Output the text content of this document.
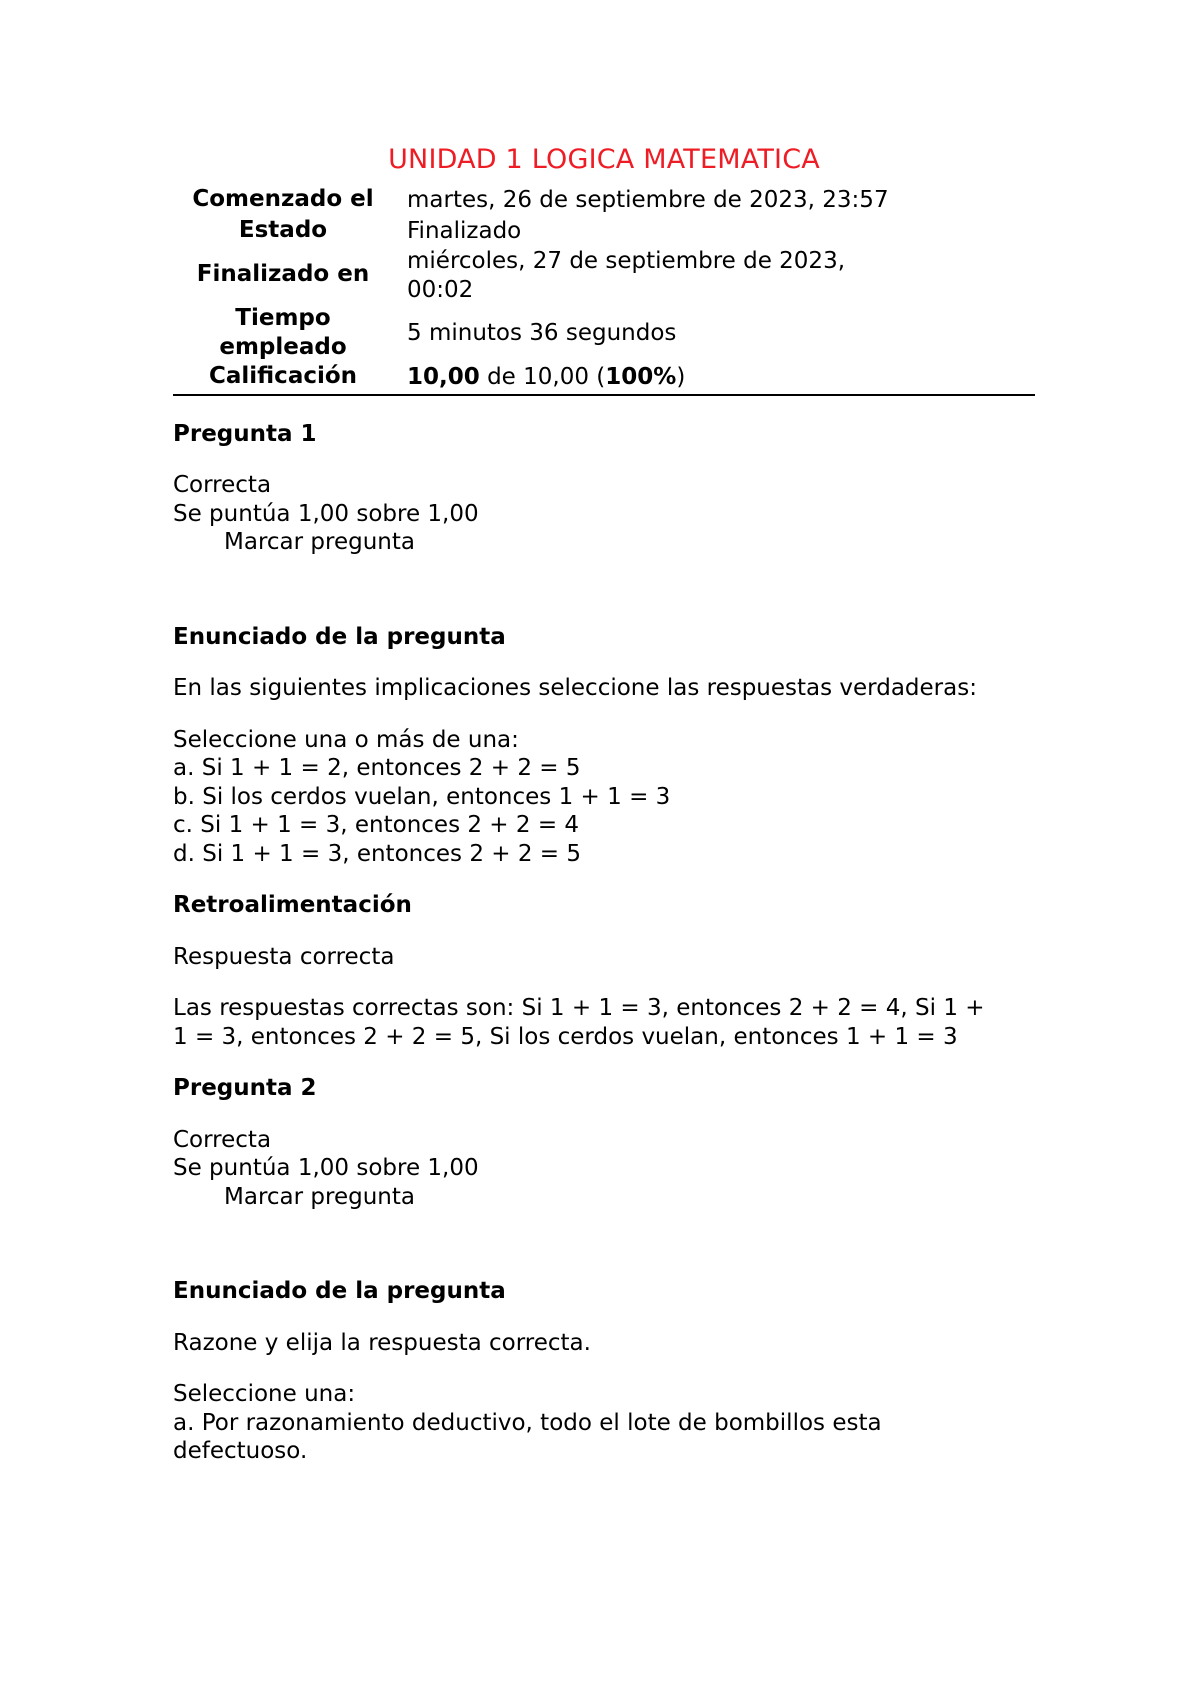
UNIDAD 1 LOGICA MATEMATICA
Comenzado el	martes, 26 de septiembre de 2023, 23:57
Estado	Finalizado
Finalizado en	miércoles, 27 de septiembre de 2023,
00:02
Tiempo
empleado	5 minutos 36 segundos
Calificación	10,00 de 10,00 (100%)

Pregunta 1

Correcta

Se puntúa 1,00 sobre 1,00

Marcar pregunta

Enunciado de la pregunta

En las siguientes implicaciones seleccione las respuestas verdaderas:

Seleccione una o más de una:

a. Si 1 + 1 = 2, entonces 2 + 2 = 5

b. Si los cerdos vuelan, entonces 1 + 1 = 3

c. Si 1 + 1 = 3, entonces 2 + 2 = 4

d. Si 1 + 1 = 3, entonces 2 + 2 = 5

Retroalimentación

Respuesta correcta

Las respuestas correctas son: Si 1 + 1 = 3, entonces 2 + 2 = 4, Si 1 +

1 = 3, entonces 2 + 2 = 5, Si los cerdos vuelan, entonces 1 + 1 = 3

Pregunta 2

Correcta

Se puntúa 1,00 sobre 1,00

Marcar pregunta

Enunciado de la pregunta

Razone y elija la respuesta correcta.

Seleccione una:

a. Por razonamiento deductivo, todo el lote de bombillos esta
defectuoso.
